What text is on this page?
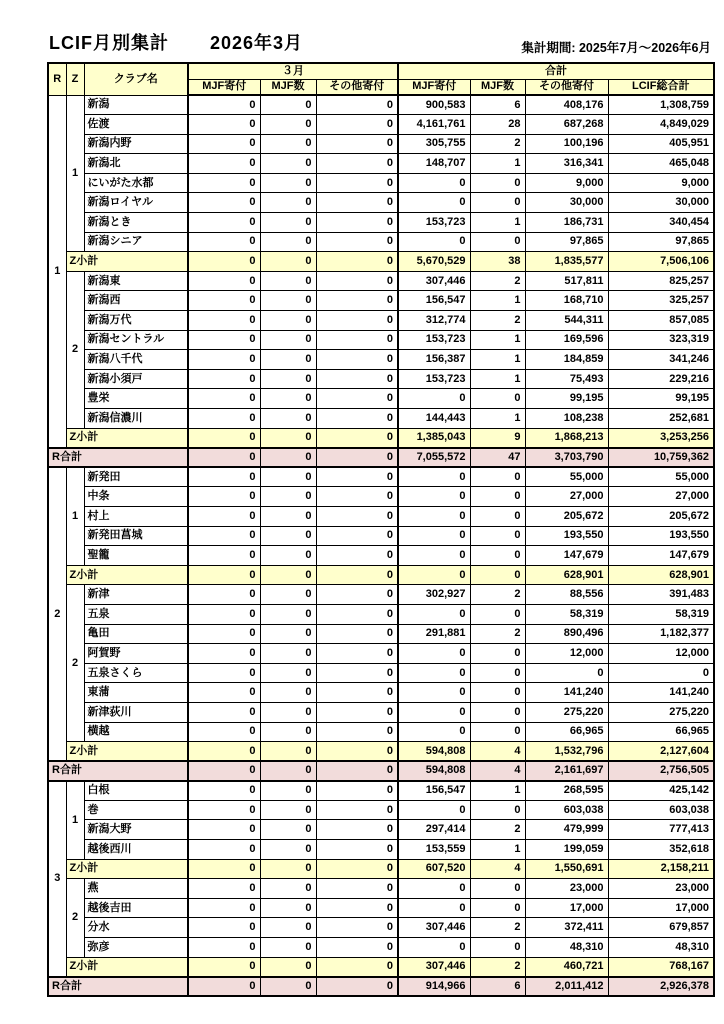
LCIF月別集計 2026年3月	集計期間: 2025年7月～2026年6月
R	Z	クラブ名	３月			合計			
			MJF寄付	MJF数	その他寄付	MJF寄付	MJF数	その他寄付	LCIF総合計
1	1	新潟	0	0	0	900,583	6	408,176	1,308,759
		佐渡	0	0	0	4,161,761	28	687,268	4,849,029
		新潟内野	0	0	0	305,755	2	100,196	405,951
		新潟北	0	0	0	148,707	1	316,341	465,048
		にいがた水都	0	0	0	0	0	9,000	9,000
		新潟ロイヤル	0	0	0	0	0	30,000	30,000
		新潟とき	0	0	0	153,723	1	186,731	340,454
		新潟シニア	0	0	0	0	0	97,865	97,865
	Z小計		0	0	0	5,670,529	38	1,835,577	7,506,106
	2	新潟東	0	0	0	307,446	2	517,811	825,257
		新潟西	0	0	0	156,547	1	168,710	325,257
		新潟万代	0	0	0	312,774	2	544,311	857,085
		新潟セントラル	0	0	0	153,723	1	169,596	323,319
		新潟八千代	0	0	0	156,387	1	184,859	341,246
		新潟小須戸	0	0	0	153,723	1	75,493	229,216
		豊栄	0	0	0	0	0	99,195	99,195
		新潟信濃川	0	0	0	144,443	1	108,238	252,681
	Z小計		0	0	0	1,385,043	9	1,868,213	3,253,256
R合計			0	0	0	7,055,572	47	3,703,790	10,759,362
2	1	新発田	0	0	0	0	0	55,000	55,000
		中条	0	0	0	0	0	27,000	27,000
		村上	0	0	0	0	0	205,672	205,672
		新発田菖城	0	0	0	0	0	193,550	193,550
		聖籠	0	0	0	0	0	147,679	147,679
	Z小計		0	0	0	0	0	628,901	628,901
	2	新津	0	0	0	302,927	2	88,556	391,483
		五泉	0	0	0	0	0	58,319	58,319
		亀田	0	0	0	291,881	2	890,496	1,182,377
		阿賀野	0	0	0	0	0	12,000	12,000
		五泉さくら	0	0	0	0	0	0	0
		東蒲	0	0	0	0	0	141,240	141,240
		新津荻川	0	0	0	0	0	275,220	275,220
		横越	0	0	0	0	0	66,965	66,965
	Z小計		0	0	0	594,808	4	1,532,796	2,127,604
R合計			0	0	0	594,808	4	2,161,697	2,756,505
3	1	白根	0	0	0	156,547	1	268,595	425,142
		巻	0	0	0	0	0	603,038	603,038
		新潟大野	0	0	0	297,414	2	479,999	777,413
		越後西川	0	0	0	153,559	1	199,059	352,618
	Z小計		0	0	0	607,520	4	1,550,691	2,158,211
	2	燕	0	0	0	0	0	23,000	23,000
		越後吉田	0	0	0	0	0	17,000	17,000
		分水	0	0	0	307,446	2	372,411	679,857
		弥彦	0	0	0	0	0	48,310	48,310
	Z小計		0	0	0	307,446	2	460,721	768,167
R合計			0	0	0	914,966	6	2,011,412	2,926,378
